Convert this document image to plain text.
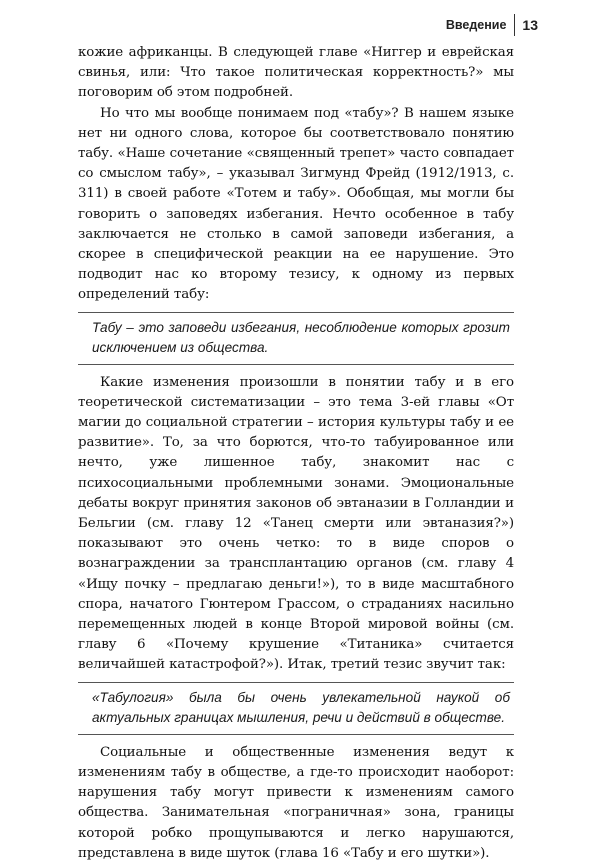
Введение 13

кожие африканцы. В следующей главе «Ниггер и еврейская свинья, или: Что такое политическая корректность?» мы поговорим об этом подробней.

Но что мы вообще понимаем под «табу»? В нашем языке нет ни одного слова, которое бы соответствовало понятию табу. «Наше сочетание «священный трепет» часто совпадает со смыслом табу», – указывал Зигмунд Фрейд (1912/1913, с. 311) в своей работе «Тотем и табу». Обобщая, мы могли бы говорить о заповедях избегания. Нечто особенное в табу заключается не столько в самой заповеди избегания, а скорее в специфической реакции на ее нарушение. Это подводит нас ко второму тезису, к одному из первых определений табу:

Табу – это заповеди избегания, несоблюдение которых грозит исключением из общества.

Какие изменения произошли в понятии табу и в его теоретической систематизации – это тема 3-ей главы «От магии до социальной стратегии – история культуры табу и ее развитие». То, за что борются, что-то табуированное или нечто, уже лишенное табу, знакомит нас с психосоциальными проблемными зонами. Эмоциональные дебаты вокруг принятия законов об эвтаназии в Голландии и Бельгии (см. главу 12 «Танец смерти или эвтаназия?») показывают это очень четко: то в виде споров о вознаграждении за трансплантацию органов (см. главу 4 «Ищу почку – предлагаю деньги!»), то в виде масштабного спора, начатого Гюнтером Грассом, о страданиях насильно перемещенных людей в конце Второй мировой войны (см. главу 6 «Почему крушение «Титаника» считается величайшей катастрофой?»). Итак, третий тезис звучит так:

«Табулогия» была бы очень увлекательной наукой об актуальных границах мышления, речи и действий в обществе.

Социальные и общественные изменения ведут к изменениям табу в обществе, а где-то происходит наоборот: нарушения табу могут привести к изменениям самого общества. Занимательная «пограничная» зона, границы которой робко прощупываются и легко нарушаются, представлена в виде шуток (глава 16 «Табу и его шутки»).
